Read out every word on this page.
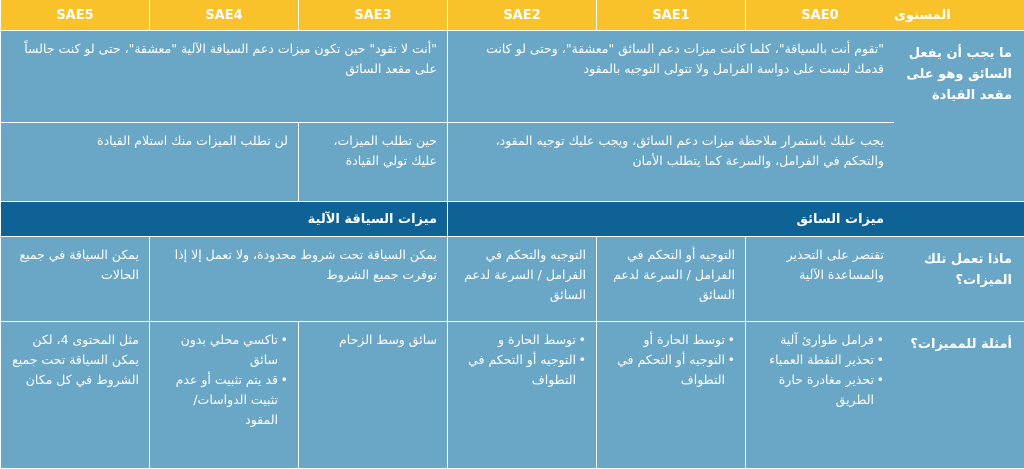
SAE5	SAE4	SAE3	SAE2	SAE1	SAE0	المستوى
"أنت لا تقود" حين تكون ميزات دعم السياقة الآلية "معشقة"، حتى لو كنت جالساً على مقعد السائق
"تقوم أنت بالسياقة"، كلما كانت ميزات دعم السائق "معشقة"، وحتى لو كانت قدمك ليست على دواسة الفرامل ولا تتولى التوجيه بالمقود
ما يجب أن يفعل السائق وهو على مقعد القيادة
لن تطلب الميزات منك استلام القيادة	حين تطلب الميزات، عليك تولي القيادة
يجب عليك باستمرار ملاحظة ميزات دعم السائق، ويجب عليك توجيه المقود، والتحكم في الفرامل، والسرعة كما يتطلب الأمان
ميزات السياقة الآلية	ميزات السائق
يمكن السياقة في جميع الحالات
يمكن السياقة تحت شروط محدودة، ولا تعمل إلا إذا توفرت جميع الشروط
التوجيه والتحكم في الفرامل / السرعة لدعم السائق
التوجيه أو التحكم في الفرامل / السرعة لدعم السائق
تقتصر على التحذير والمساعدة الآلية
ماذا تعمل تلك الميزات؟
مثل المحتوى 4، لكن يمكن السياقة تحت جميع الشروط في كل مكان
• تاكسي محلي بدون سائق
• قد يتم تثبيت أو عدم تثبيت الدواسات/ المقود
سائق وسط الزحام
•	توسط الحارة و
• التوجيه أو التحكم في التطواف
• توسط الحارة أو
• التوجيه أو التحكم في التطواف
• فرامل طوارئ آلية
• تحذير النقطة العمياء
• تحذير مغادرة حارة الطريق
أمثلة للمميزات؟
